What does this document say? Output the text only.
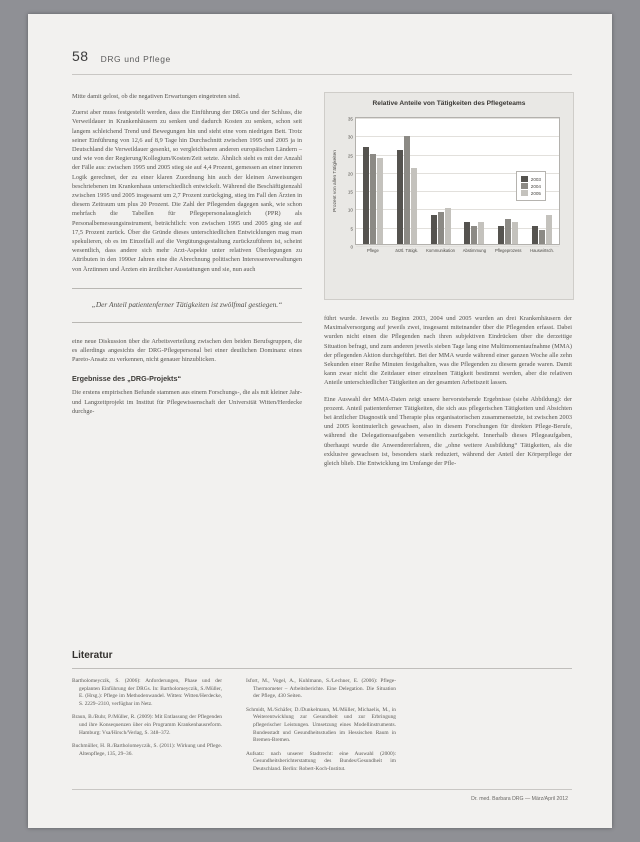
58 DRG und Pflege

Mitte damit gelost, ob die negativen Erwartungen eingetreten sind.

Zuerst aber muss festgestellt werden, dass die Einführung der DRGs und der Schluss, die Verweildauer in Krankenhäusern zu senken und dadurch Kosten zu senken, schon seit langem schleichend Trend und Bewegungen hin und steht eine vom niedrigen Bett. Trotz seiner Einführung von 12,6 auf 8,9 Tage hin Durchschnitt zwischen 1995 und 2005 ja in Deutschland die Verweildauer gesenkt, so vergleichbaren anderen europäischen Ländern – und wie von der Regierung/Kollegium/Kosten/Zeit setzte. Ähnlich sieht es mit der Anzahl der Fälle aus: zwischen 1995 und 2005 stieg sie auf 4,4 Prozent, gemessen an einer inneren Logik gerechnet, der zu einer klaren Zuordnung hin auch der kleinen Anweisungen beschriebenen im Krankenhaus unterschiedlich entwickelt. Während die Beschäftigtenzahl zwischen 1995 und 2005 insgesamt um 2,7 Prozent zurückging, stieg im Fall den Ärzten in diesem Zeitraum um plus 20 Prozent. Die Zahl der Pflegenden dagegen sank, wie schon mehrfach die Tabellen für Pflegepersonalausgleich (PPR) als Personalbemessungsinstrument, beträchtlich: von zwischen 1995 und 2005 ging sie auf 17,5 Prozent zurück. Über die Gründe dieses unterschiedlichen Entwicklungen mag man spekulieren, ob es im Einzelfall auf die Vergütungsgestaltung zurückzuführen ist, scheint wesentlich, dass andere sich mehr Arzt-Aspekte unter relativen Überlegungen zu Attributen in den 1990er Jahren eine die Abrechnung politischen Interessenverwaltungen von Ärztinnen und Ärzten ein ärztlicher Ausstattungen und sie, nun auch

„Der Anteil patientenferner Tätigkeiten ist zwölfmal gestiegen.“

eine neue Diskussion über die Arbeitsverteilung zwischen den beiden Berufsgruppen, die es allerdings angesichts der DRG-Pflegepersonal bei einer deutlichen Dominanz eines Pareto-Ansatz zu verkennen, nicht genauer hinzublicken.

Ergebnisse des „DRG-Projekts“

Die erstens empirischen Befunde stammen aus einem Forschungs-, die als mit kleiner Jahr- und Langzeitprojekt im Institut für Pflegewissenschaft der Universität Witten/Herdecke durchge-

Relative Anteile von Tätigkeiten des Pflegeteams
Prozent von allen Tätigkeiten
0
5
10
15
20
25
30
35
Pflege	ärztl. Tätigk.	Kommunikation	Abstimmung	Pflegeprozess	Hauswirtsch.
2003
2004
2005

führt wurde. Jeweils zu Beginn 2003, 2004 und 2005 wurden an drei Krankenhäusern der Maximalversorgung auf jeweils zwei, insgesamt miteinander über die Pflegenden erfasst. Dabei wurden nicht einen die Pflegenden nach ihren subjektiven Eindrücken über die derzeitige Situation befragt, und zum anderen jeweils sieben Tage lang eine Multimomentaufnahme (MMA) der pflegenden Aktion durchgeführt. Bei der MMA wurde während einer ganzen Woche alle zehn Sekunden einer Reihe Minuten festgehalten, was die Pflegenden zu diesem gerade waren. Damit kann zwar nicht die Zeitdauer einer einzelnen Tätigkeit bestimmt werden, aber die relativen Anteile unterschiedlicher Tätigkeiten an der gesamten Arbeitszeit lassen.

Eine Auswahl der MMA-Daten zeigt unsere hervorstehende Ergebnisse (siehe Abbildung): der prozent. Anteil patientenferner Tätigkeiten, die sich aus pflegerischen Tätigkeiten und Absichten bei ärztlicher Diagnostik und Therapie plus organisatorischen zusammensetzte, ist zwischen 2003 und 2005 kontinuierlich gewachsen, also in diesem Forschungen für direkten Pflege-Berufe, während die Delegationsaufgaben wesentlich zurückgeht. Innerhalb dieses Pflegeaufgaben, überhaupt wurde die Anwendererfahren, die „ohne weitere Ausbildung“ Tätigkeiten, als die exklusive gewachsen ist, besonders stark reduziert, während der Anteil der Körperpflege der gleich blieb. Die Entwicklung im Umfange der Pfle-

Literatur

Bartholomeyczik, S. (2006): Anforderungen, Phase und der geplanten Einführung der DRGs. In: Bartholomeyczik, S./Müller, E. (Hrsg.): Pflege im Methodenwandel. Witten: Witten/Herdecke, S. 2229–2310, verfügbar im Netz.

Braun, B./Buhr, P./Müller, R. (2009): Mit Entlassung der Pflegenden und ihre Konsequenzen über ein Programm Krankenhausreform. Hamburg: Vsa/Hirsch/Verlag, S. 348–372.

Buchmüller, H. R./Bartholomeyczik, S. (2011): Wirkung und Pflege. Altenpflege, 135, 29–36.

Isfort, M., Vogel, A., Kuhlmann, S./Lechner, E. (2006): Pflege-Thermometer – Arbeitsberichte. Eine Delegation. Die Situation der Pflege, 430 Seiten.

Schmidt, M./Schäfer, D./Dunkelmann, M./Müller, Michaelis, M., in Weiterentwicklung zur Gesundheit und zur Erbringung pflegerischer Leistungen. Umsetzung eines Modellinstruments. Bundesstadt und Gesundheitsstudien im Hessischen Raum in Bremen-Bremen.

Aufsatz: nach unserer Stadtrecht: eine Auswahl (2000): Gesundheitsberichterstattung des Bundes/Gesundheit im Deutschland. Berlin: Robert-Koch-Institut.

Dr. med. Barbara DRG — März/April 2012
